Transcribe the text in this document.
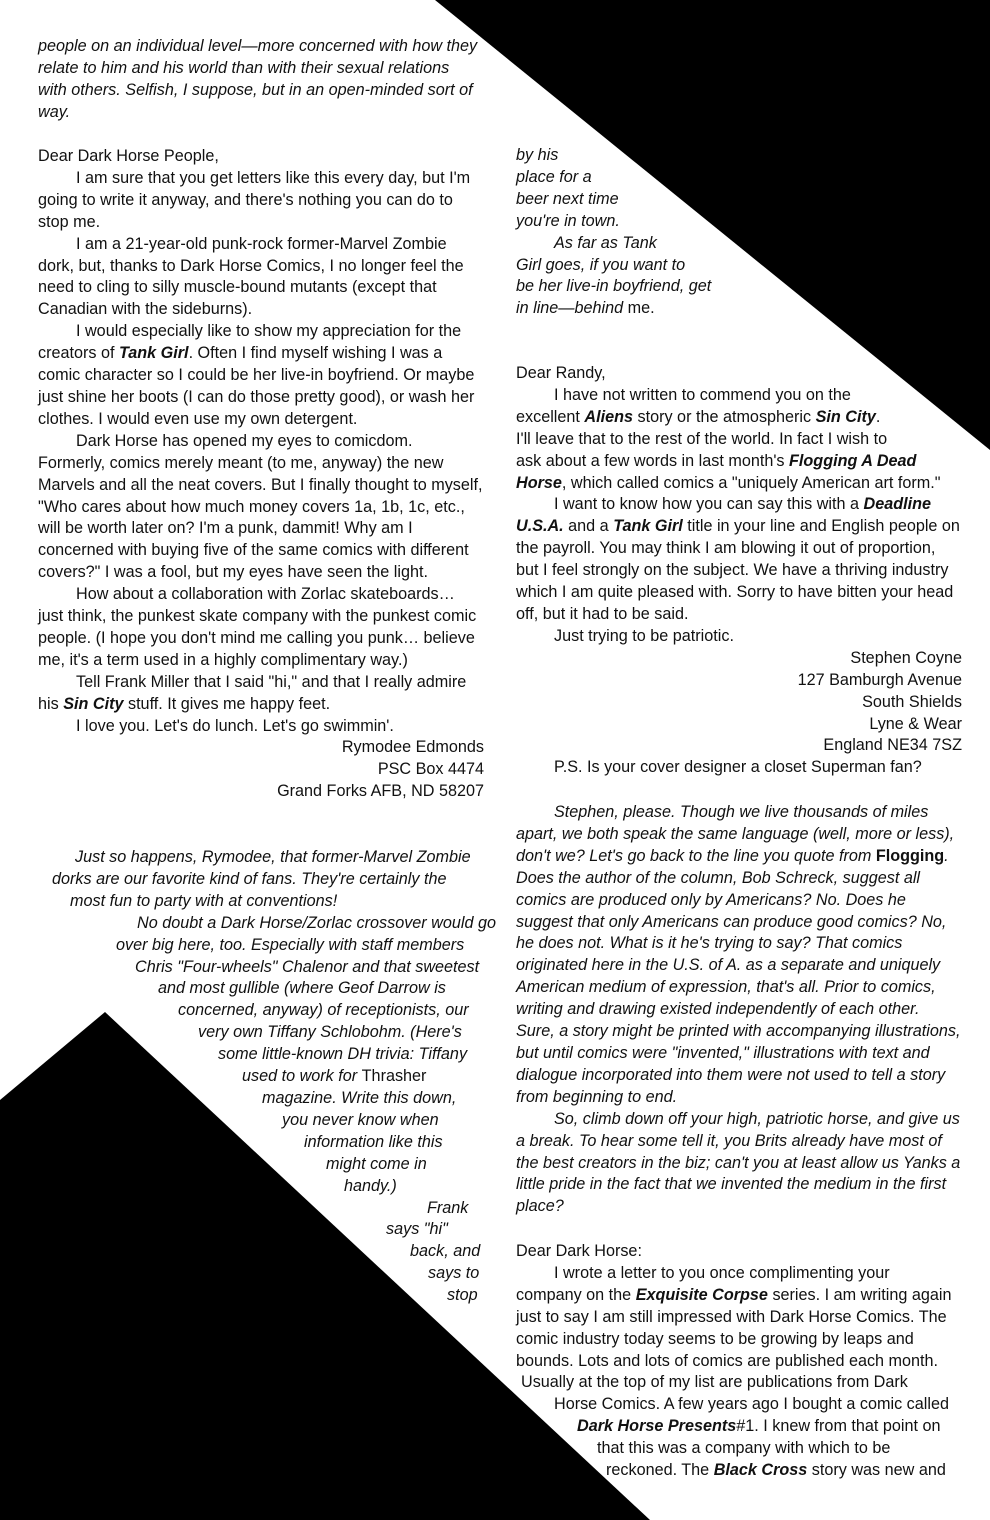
people on an individual level—more concerned with how they relate to him and his world than with their sexual relations with others. Selfish, I suppose, but in an open-minded sort of way.

Dear Dark Horse People,

I am sure that you get letters like this every day, but I'm going to write it anyway, and there's nothing you can do to stop me.

I am a 21-year-old punk-rock former-Marvel Zombie dork, but, thanks to Dark Horse Comics, I no longer feel the need to cling to silly muscle-bound mutants (except that Canadian with the sideburns).

I would especially like to show my appreciation for the creators of Tank Girl. Often I find myself wishing I was a comic character so I could be her live-in boyfriend. Or maybe just shine her boots (I can do those pretty good), or wash her clothes. I would even use my own detergent.

Dark Horse has opened my eyes to comicdom. Formerly, comics merely meant (to me, anyway) the new Marvels and all the neat covers. But I finally thought to myself, "Who cares about how much money covers 1a, 1b, 1c, etc., will be worth later on? I'm a punk, dammit! Why am I concerned with buying five of the same comics with different covers?" I was a fool, but my eyes have seen the light.

How about a collaboration with Zorlac skateboards… just think, the punkest skate company with the punkest comic people. (I hope you don't mind me calling you punk… believe me, it's a term used in a highly complimentary way.)

Tell Frank Miller that I said "hi," and that I really admire his Sin City stuff. It gives me happy feet.

I love you. Let's do lunch. Let's go swimmin'.

Rymodee Edmonds

PSC Box 4474

Grand Forks AFB, ND 58207

Just so happens, Rymodee, that former-Marvel Zombie

dorks are our favorite kind of fans. They're certainly the

most fun to party with at conventions!

No doubt a Dark Horse/Zorlac crossover would go

over big here, too. Especially with staff members

Chris "Four-wheels" Chalenor and that sweetest

and most gullible (where Geof Darrow is

concerned, anyway) of receptionists, our

very own Tiffany Schlobohm. (Here's

some little-known DH trivia: Tiffany

used to work for Thrasher

magazine. Write this down,

you never know when

information like this

might come in

handy.)

Frank

says "hi"

back, and

says to

stop

by his

place for a

beer next time

you're in town.

As far as Tank

Girl goes, if you want to

be her live-in boyfriend, get

in line—behind me.

Dear Randy,

I have not written to commend you on the

excellent Aliens story or the atmospheric Sin City.

I'll leave that to the rest of the world. In fact I wish to

ask about a few words in last month's Flogging A Dead

Horse, which called comics a "uniquely American art form."

I want to know how you can say this with a Deadline U.S.A. and a Tank Girl title in your line and English people on the payroll. You may think I am blowing it out of proportion, but I feel strongly on the subject. We have a thriving industry which I am quite pleased with. Sorry to have bitten your head off, but it had to be said.

Just trying to be patriotic.

Stephen Coyne

127 Bamburgh Avenue

South Shields

Lyne & Wear

England NE34 7SZ

P.S. Is your cover designer a closet Superman fan?

Stephen, please. Though we live thousands of miles apart, we both speak the same language (well, more or less), don't we? Let's go back to the line you quote from Flogging. Does the author of the column, Bob Schreck, suggest all comics are produced only by Americans? No. Does he suggest that only Americans can produce good comics? No, he does not. What is it he's trying to say? That comics originated here in the U.S. of A. as a separate and uniquely American medium of expression, that's all. Prior to comics, writing and drawing existed independently of each other. Sure, a story might be printed with accompanying illustrations, but until comics were "invented," illustrations with text and dialogue incorporated into them were not used to tell a story from beginning to end.

So, climb down off your high, patriotic horse, and give us a break. To hear some tell it, you Brits already have most of the best creators in the biz; can't you at least allow us Yanks a little pride in the fact that we invented the medium in the first place?

Dear Dark Horse:

I wrote a letter to you once complimenting your

company on the Exquisite Corpse series. I am writing again

just to say I am still impressed with Dark Horse Comics. The

comic industry today seems to be growing by leaps and

bounds. Lots and lots of comics are published each month.

Usually at the top of my list are publications from Dark

Horse Comics. A few years ago I bought a comic called

Dark Horse Presents#1. I knew from that point on

that this was a company with which to be

reckoned. The Black Cross story was new and
